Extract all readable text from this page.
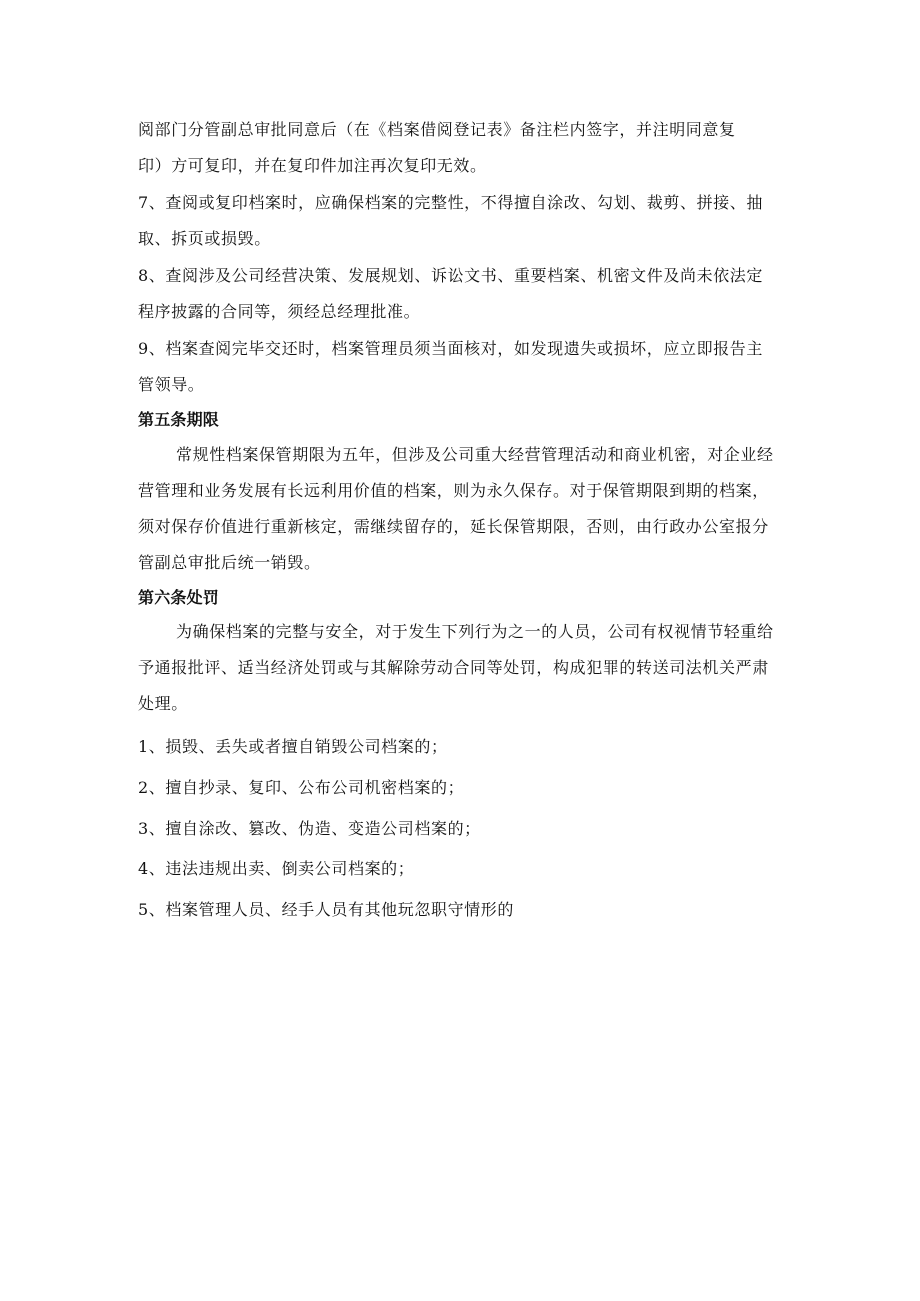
阅部门分管副总审批同意后（在《档案借阅登记表》备注栏内签字，并注明同意复
印）方可复印，并在复印件加注再次复印无效。
7、查阅或复印档案时，应确保档案的完整性，不得擅自涂改、勾划、裁剪、拼接、抽
取、拆页或损毁。
8、查阅涉及公司经营决策、发展规划、诉讼文书、重要档案、机密文件及尚未依法定
程序披露的合同等，须经总经理批准。
9、档案查阅完毕交还时，档案管理员须当面核对，如发现遗失或损坏，应立即报告主
管领导。
第五条期限
常规性档案保管期限为五年，但涉及公司重大经营管理活动和商业机密，对企业经
营管理和业务发展有长远利用价值的档案，则为永久保存。对于保管期限到期的档案，
须对保存价值进行重新核定，需继续留存的，延长保管期限，否则，由行政办公室报分
管副总审批后统一销毁。
第六条处罚
为确保档案的完整与安全，对于发生下列行为之一的人员，公司有权视情节轻重给
予通报批评、适当经济处罚或与其解除劳动合同等处罚，构成犯罪的转送司法机关严肃
处理。
1、损毁、丢失或者擅自销毁公司档案的；
2、擅自抄录、复印、公布公司机密档案的；
3、擅自涂改、篡改、伪造、变造公司档案的；
4、违法违规出卖、倒卖公司档案的；
5、档案管理人员、经手人员有其他玩忽职守情形的
